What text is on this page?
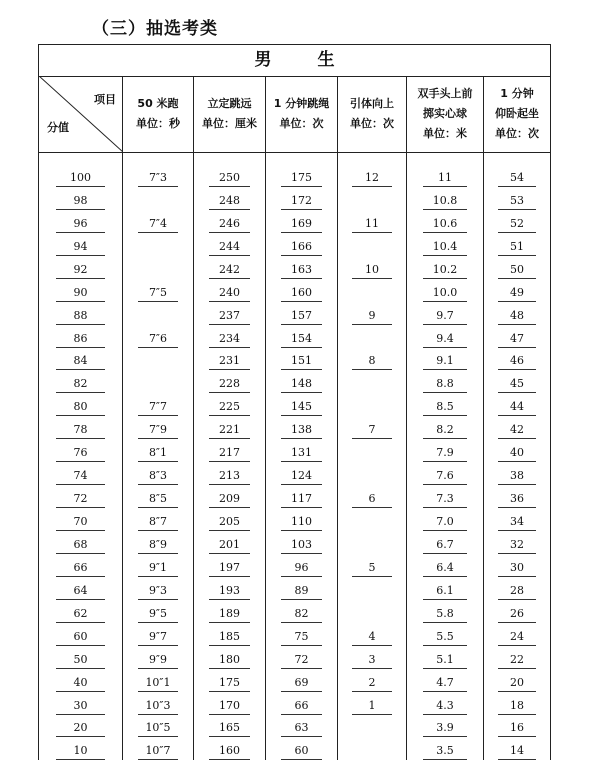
（三）抽选考类
男 生
项目
分值
50 米跑
单位：秒
立定跳远
单位：厘米
1 分钟跳绳
单位：次
引体向上
单位：次
双手头上前
掷实心球
单位：米
1 分钟
仰卧起坐
单位：次
100
98
96
94
92
90
88
86
84
82
80
78
76
74
72
70
68
66
64
62
60
50
40
30
20
10
7″3
7″4
7″5
7″6
7″7
7″9
8″1
8″3
8″5
8″7
8″9
9″1
9″3
9″5
9″7
9″9
10″1
10″3
10″5
10″7
250
248
246
244
242
240
237
234
231
228
225
221
217
213
209
205
201
197
193
189
185
180
175
170
165
160
175
172
169
166
163
160
157
154
151
148
145
138
131
124
117
110
103
96
89
82
75
72
69
66
63
60
12
11
10
9
8
7
6
5
4
3
2
1
11
10.8
10.6
10.4
10.2
10.0
9.7
9.4
9.1
8.8
8.5
8.2
7.9
7.6
7.3
7.0
6.7
6.4
6.1
5.8
5.5
5.1
4.7
4.3
3.9
3.5
54
53
52
51
50
49
48
47
46
45
44
42
40
38
36
34
32
30
28
26
24
22
20
18
16
14
